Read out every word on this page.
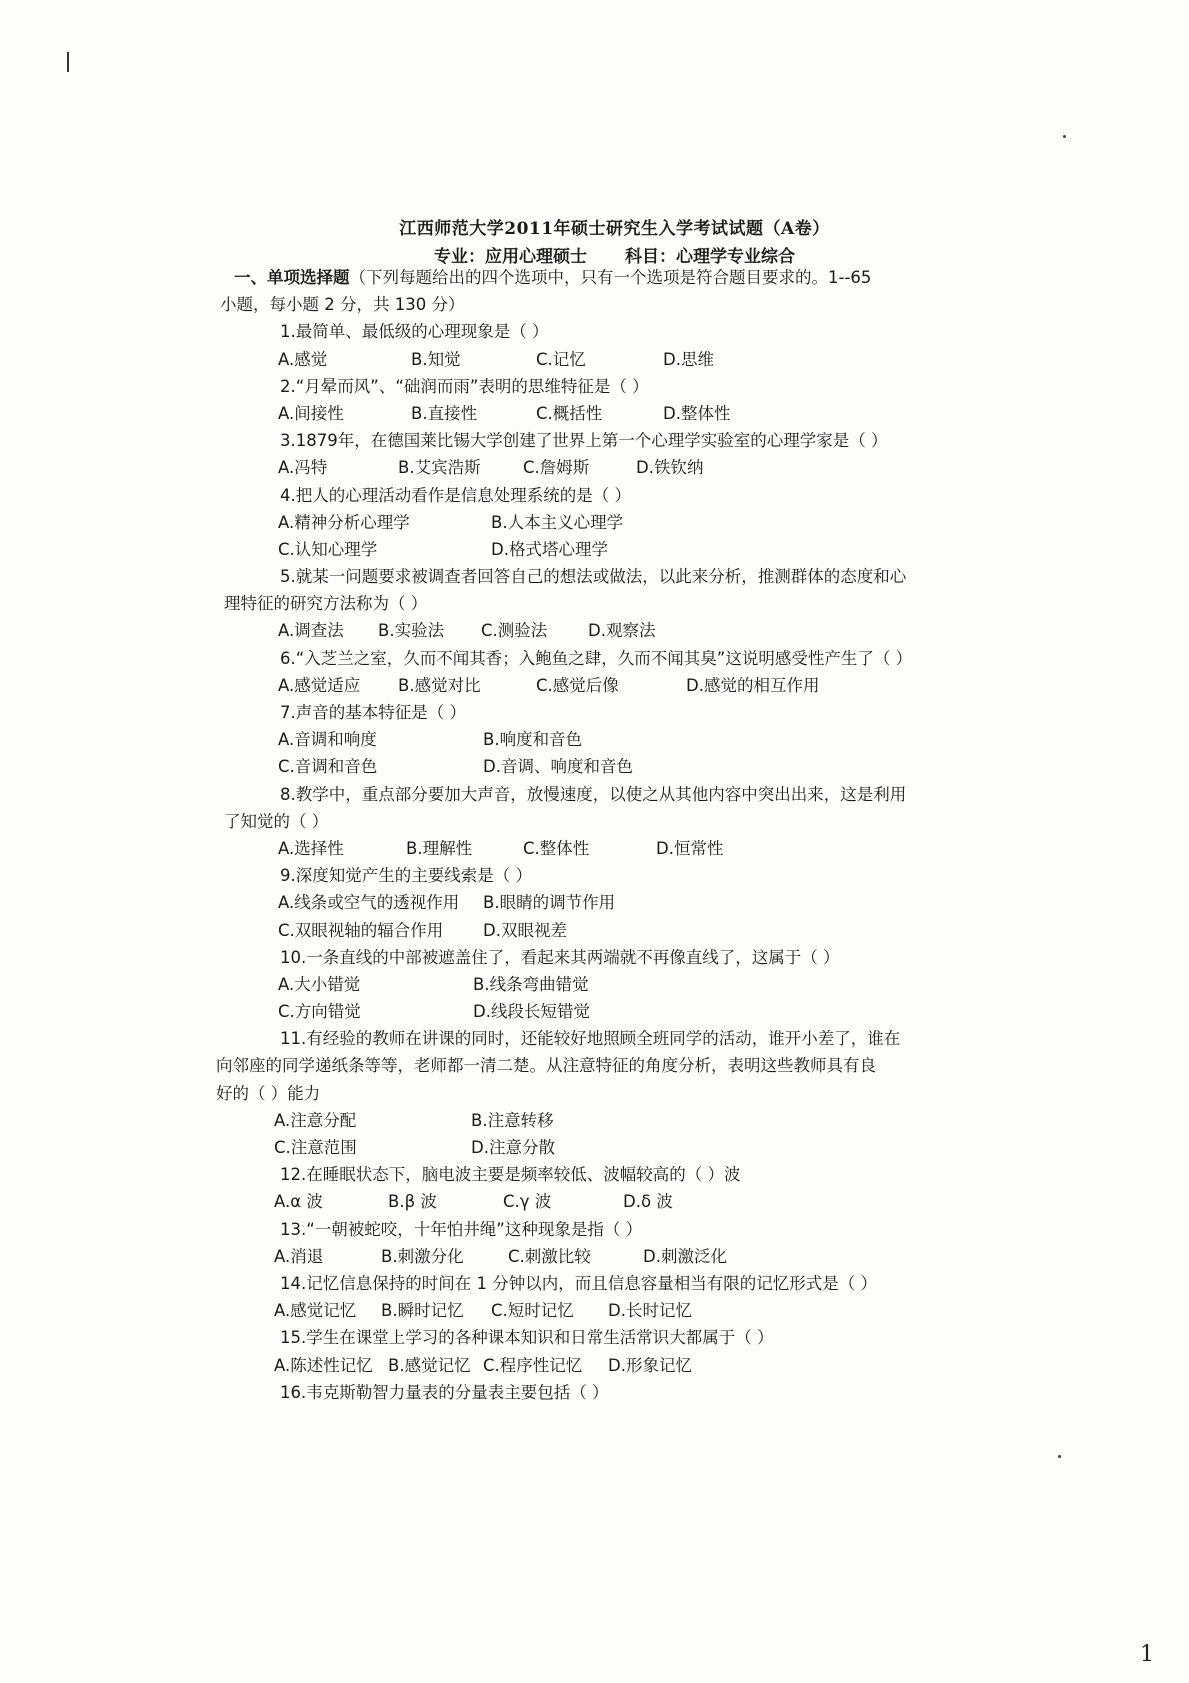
江西师范大学2011年硕士研究生入学考试试题（A卷）
专业：应用心理硕士 科目：心理学专业综合
一、单项选择题（下列每题给出的四个选项中，只有一个选项是符合题目要求的。1--65
小题，每小题 2 分，共 130 分）
1.最简单、最低级的心理现象是（ ）
A.感觉	B.知觉	C.记忆	D.思维
2.“月晕而风”、“础润而雨”表明的思维特征是（ ）
A.间接性	B.直接性	C.概括性	D.整体性
3.1879年，在德国莱比锡大学创建了世界上第一个心理学实验室的心理学家是（ ）
A.冯特	B.艾宾浩斯	C.詹姆斯	D.铁钦纳
4.把人的心理活动看作是信息处理系统的是（ ）
A.精神分析心理学	B.人本主义心理学
C.认知心理学	D.格式塔心理学
5.就某一问题要求被调查者回答自己的想法或做法，以此来分析，推测群体的态度和心
理特征的研究方法称为（ ）
A.调查法 B.实验法 C.测验法 D.观察法
6.“入芝兰之室，久而不闻其香；入鲍鱼之肆，久而不闻其臭”这说明感受性产生了（ ）
A.感觉适应 B.感觉对比	C.感觉后像	D.感觉的相互作用
7.声音的基本特征是（ ）
A.音调和响度	B.响度和音色
C.音调和音色	D.音调、响度和音色
8.教学中，重点部分要加大声音，放慢速度，以使之从其他内容中突出出来，这是利用
了知觉的（ ）
A.选择性	B.理解性	C.整体性	D.恒常性
9.深度知觉产生的主要线索是（ ）
A.线条或空气的透视作用 B.眼睛的调节作用
C.双眼视轴的辐合作用 D.双眼视差
10.一条直线的中部被遮盖住了，看起来其两端就不再像直线了，这属于（ ）
A.大小错觉	B.线条弯曲错觉
C.方向错觉	D.线段长短错觉
11.有经验的教师在讲课的同时，还能较好地照顾全班同学的活动，谁开小差了，谁在
向邻座的同学递纸条等等，老师都一清二楚。从注意特征的角度分析，表明这些教师具有良
好的（ ）能力
A.注意分配	B.注意转移
C.注意范围	D.注意分散
12.在睡眠状态下，脑电波主要是频率较低、波幅较高的（ ）波
A.α 波	B.β 波	C.γ 波	D.δ 波
13.“一朝被蛇咬，十年怕井绳”这种现象是指（ ）
A.消退	B.刺激分化	C.刺激比较	D.刺激泛化
14.记忆信息保持的时间在 1 分钟以内，而且信息容量相当有限的记忆形式是（ ）
A.感觉记忆 B.瞬时记忆 C.短时记忆 D.长时记忆
15.学生在课堂上学习的各种课本知识和日常生活常识大都属于（ ）
A.陈述性记忆 B.感觉记忆 C.程序性记忆 D.形象记忆
16.韦克斯勒智力量表的分量表主要包括（ ）
1
